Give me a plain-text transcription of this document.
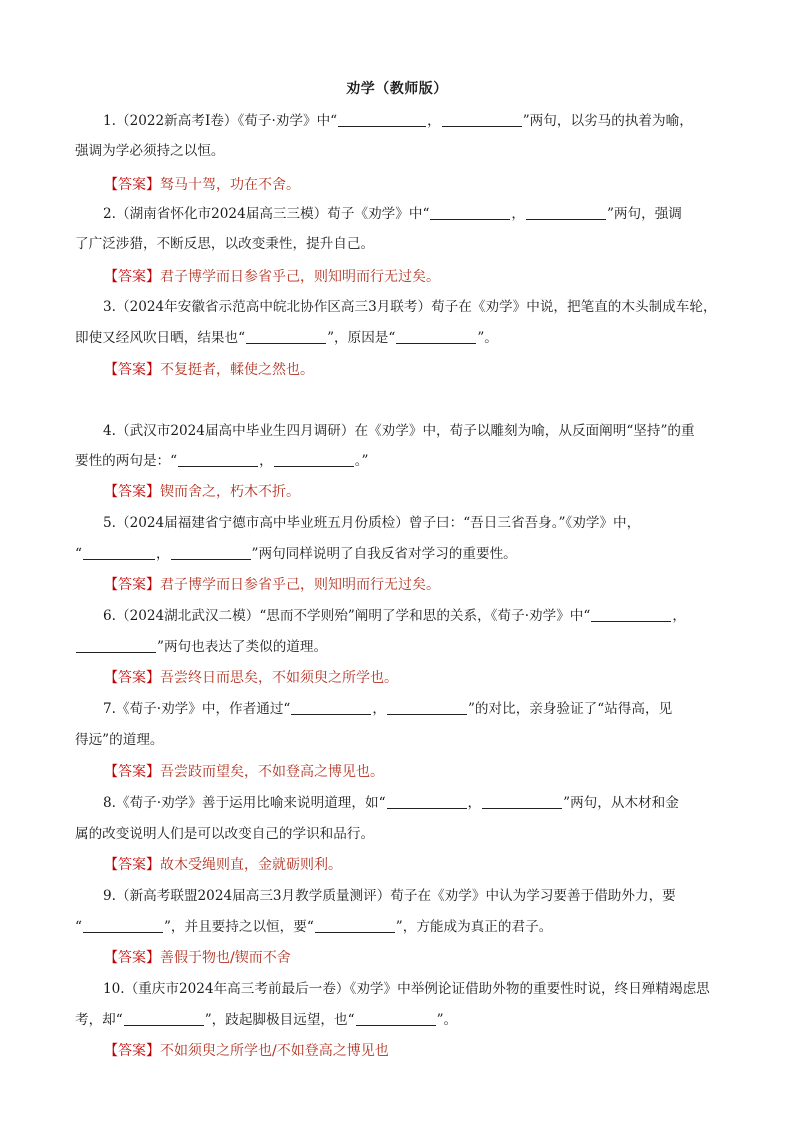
劝学（教师版）
1.（2022新高考Ⅰ卷）《荀子·劝学》中“	，	”两句，以劣马的执着为喻，
强调为学必须持之以恒。
【答案】驽马十驾，功在不舍。
2.（湖南省怀化市2024届高三三模）荀子《劝学》中“	，	”两句，强调
了广泛涉猎，不断反思，以改变秉性，提升自己。
【答案】君子博学而日参省乎己，则知明而行无过矣。
3.（2024年安徽省示范高中皖北协作区高三3月联考）荀子在《劝学》中说，把笔直的木头制成车轮，
即使又经风吹日晒，结果也“	”，原因是“	”。
【答案】不复挺者，輮使之然也。
4.（武汉市2024届高中毕业生四月调研）在《劝学》中，荀子以雕刻为喻，从反面阐明“坚持”的重
要性的两句是：“	，	。”
【答案】锲而舍之，朽木不折。
5.（2024届福建省宁德市高中毕业班五月份质检）曾子曰：“吾日三省吾身。”《劝学》中，
“	，	”两句同样说明了自我反省对学习的重要性。
【答案】君子博学而日参省乎己，则知明而行无过矣。
6.（2024湖北武汉二模）“思而不学则殆”阐明了学和思的关系，《荀子·劝学》中“	，
”两句也表达了类似的道理。
【答案】吾尝终日而思矣，不如须臾之所学也。
7.《荀子·劝学》中，作者通过“	，	”的对比，亲身验证了“站得高，见
得远”的道理。
【答案】吾尝跂而望矣，不如登高之博见也。
8.《荀子·劝学》善于运用比喻来说明道理，如“	，	”两句，从木材和金
属的改变说明人们是可以改变自己的学识和品行。
【答案】故木受绳则直，金就砺则利。
9.（新高考联盟2024届高三3月教学质量测评）荀子在《劝学》中认为学习要善于借助外力，要
“	”，并且要持之以恒，要“	”，方能成为真正的君子。
【答案】善假于物也/锲而不舍
10.（重庆市2024年高三考前最后一卷）《劝学》中举例论证借助外物的重要性时说，终日殚精竭虑思
考，却“	”，跂起脚极目远望，也“	”。
【答案】不如须臾之所学也/不如登高之博见也
